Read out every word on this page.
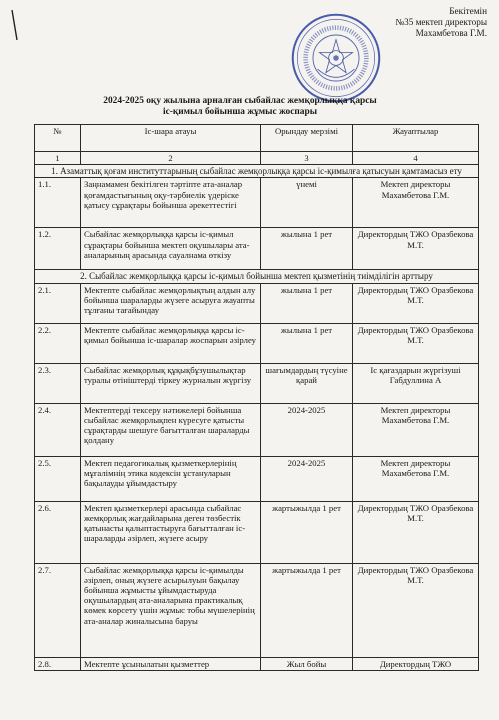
Бекітемін
№35 мектеп директоры
Махамбетова Г.М.
2024-2025 оқу жылына арналған сыбайлас жемқорлыққа қарсы
іс-қимыл бойынша жұмыс жоспары
№	Іс-шара атауы	Орындау мерзімі	Жауаптылар
1	2	3	4
1. Азаматтық қоғам институттарының сыбайлас жемқорлыққа қарсы іс-қимылға қатысуын қамтамасыз ету			
1.1.	Заңнамамен бекітілген тәртіпте ата-аналар қоғамдастығының оқу-тәрбиелік үдерiске қатысу сұрақтары бойынша әрекеттестігі	үнемі	Мектеп директоры Махамбетова Г.М.
1.2.	Сыбайлас жемқорлыққа қарсы іс-қимыл сұрақтары бойынша мектеп оқушылары ата-аналарының арасында сауалнама өткізу	жылына 1 рет	Директордың ТЖО Оразбекова М.Т.
2. Сыбайлас жемқорлыққа қарсы іс-қимыл бойынша мектеп қызметінің тиімділігін арттыру			
2.1.	Мектепте сыбайлас жемқорлықтың алдын алу бойынша шараларды жүзеге асыруға жауапты тұлғаны тағайындау	жылына 1 рет	Директордың ТЖО Оразбекова М.Т.
2.2.	Мектепте сыбайлас жемқорлыққа қарсы іс-қимыл бойынша іс-шаралар жоспарын әзірлеу	жылына 1 рет	Директордың ТЖО Оразбекова М.Т.
2.3.	Сыбайлас жемқорлық құқықбұзушылықтар туралы өтініштерді тіркеу журналын жүргізу	шағымдардың түсуіне қарай	Іс қағаздарын жүргізуші Габдуллина А
2.4.	Мектептерді тексеру нәтижелері бойынша сыбайлас жемқорлықпен күресуге қатысты сұрақтарды шешуге бағытталған шараларды қолдану	2024-2025	Мектеп директоры Махамбетова Г.М.
2.5.	Мектеп педагогикалық қызметкерлерінің мұғалімнің этика кодексін ұстануларын бақылауды ұйымдастыру	2024-2025	Мектеп директоры Махамбетова Г.М.
2.6.	Мектеп қызметкерлері арасында сыбайлас жемқорлық жағдайларына деген төзбестік қатынасты қалыптастыруға бағытталған іс-шараларды әзірлеп, жүзеге асыру	жартыжылда 1 рет	Директордың ТЖО Оразбекова М.Т.
2.7.	Сыбайлас жемқорлыққа қарсы іс-қимылды әзірлеп, оның жүзеге асырылуын бақылау бойынша жұмысты ұйымдастыруда оқушылардың ата-аналарына практикалық көмек көрсету үшін жұмыс тобы мүшелерінің ата-аналар жиналысына баруы	жартыжылда 1 рет	Директордың ТЖО Оразбекова М.Т.
2.8.	Мектепте ұсынылатын қызметтер	Жыл бойы	Директордың ТЖО
